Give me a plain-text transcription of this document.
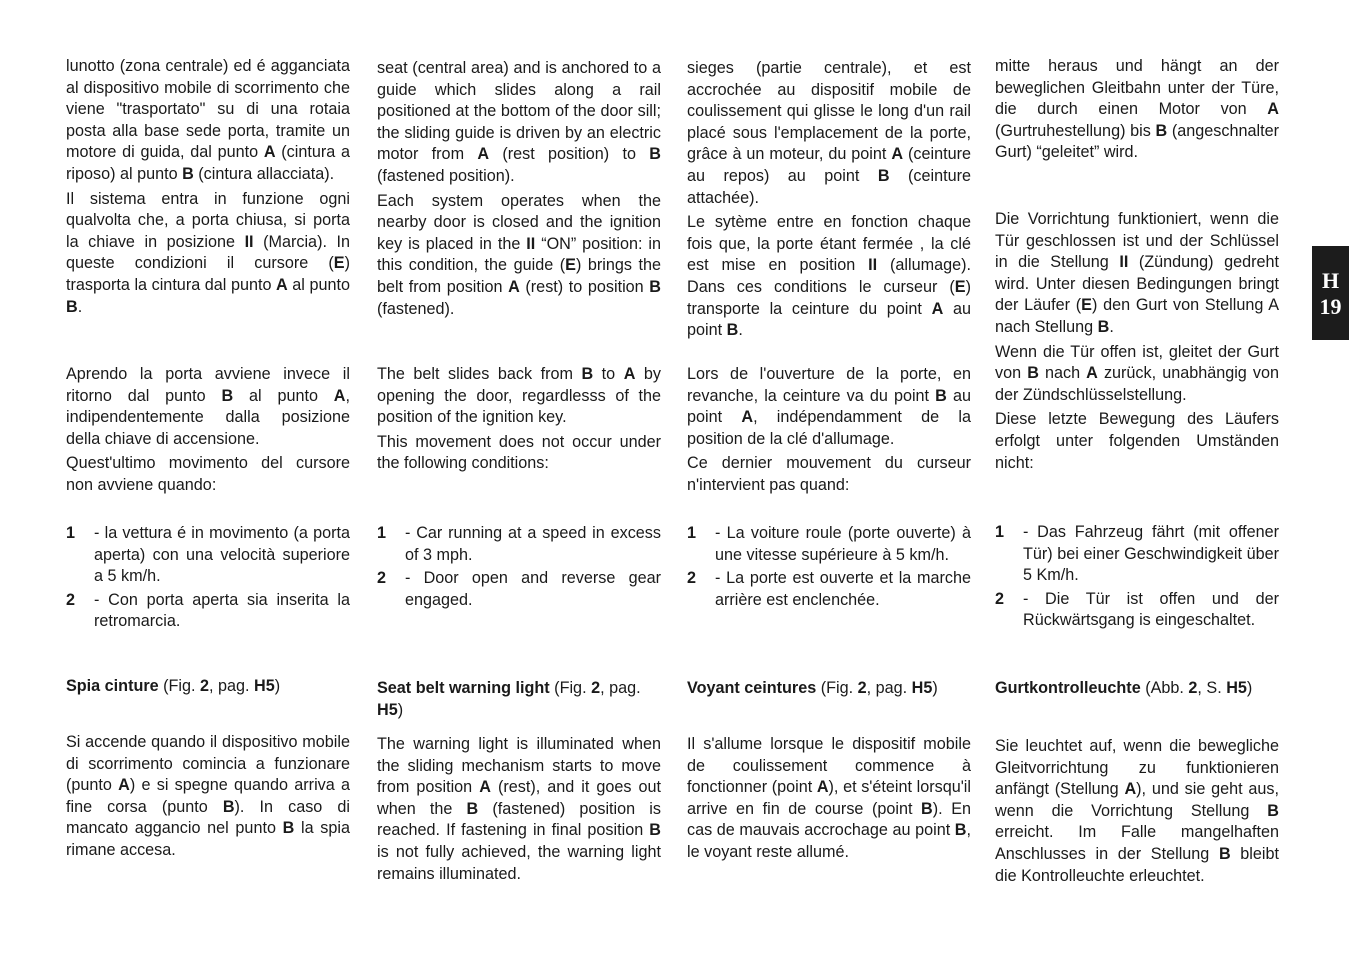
lunotto (zona centrale) ed é agganciata al dispositivo mobile di scorrimento che viene "trasportato" su di una rotaia posta alla base sede porta, tramite un motore di guida, dal punto A (cintura a riposo) al punto B (cintura allacciata).

Il sistema entra in funzione ogni qualvolta che, a porta chiusa, si porta la chiave in posizione II (Marcia). In queste condizioni il cursore (E) trasporta la cintura dal punto A al punto B.

Aprendo la porta avviene invece il ritorno dal punto B al punto A, indipendentemente dalla posizione della chiave di accensione.

Quest'ultimo movimento del cursore non avviene quando:

1 - la vettura é in movimento (a porta aperta) con una velocità superiore a 5 km/h.
2 - Con porta aperta sia inserita la retromarcia.

Spia cinture (Fig. 2, pag. H5)

Si accende quando il dispositivo mobile di scorrimento comincia a funzionare (punto A) e si spegne quando arriva a fine corsa (punto B). In caso di mancato aggancio nel punto B la spia rimane accesa.

seat (central area) and is anchored to a guide which slides along a rail positioned at the bottom of the door sill; the sliding guide is driven by an electric motor from A (rest position) to B (fastened position).

Each system operates when the nearby door is closed and the ignition key is placed in the II “ON” position: in this condition, the guide (E) brings the belt from position A (rest) to position B (fastened).

The belt slides back from B to A by opening the door, regardlesss of the position of the ignition key.

This movement does not occur under the following conditions:

1 - Car running at a speed in excess of 3 mph.
2 - Door open and reverse gear engaged.

Seat belt warning light (Fig. 2, pag. H5)

The warning light is illuminated when the sliding mechanism starts to move from position A (rest), and it goes out when the B (fastened) position is reached. If fastening in final position B is not fully achieved, the warning light remains illuminated.

sieges (partie centrale), et est accrochée au dispositif mobile de coulissement qui glisse le long d'un rail placé sous l'emplacement de la porte, grâce à un moteur, du point A (ceinture au repos) au point B (ceinture attachée).

Le sytème entre en fonction chaque fois que, la porte étant fermée , la clé est mise en position II (allumage). Dans ces conditions le curseur (E) transporte la ceinture du point A au point B.

Lors de l'ouverture de la porte, en revanche, la ceinture va du point B au point A, indépendamment de la position de la clé d'allumage.

Ce dernier mouvement du curseur n'intervient pas quand:

1 - La voiture roule (porte ouverte) à une vitesse supérieure à 5 km/h.
2 - La porte est ouverte et la marche arrière est enclenchée.

Voyant ceintures (Fig. 2, pag. H5)

Il s'allume lorsque le dispositif mobile de coulissement commence à fonctionner (point A), et s'éteint lorsqu'il arrive en fin de course (point B). En cas de mauvais accrochage au point B, le voyant reste allumé.

mitte heraus und hängt an der beweglichen Gleitbahn unter der Türe, die durch einen Motor von A (Gurtruhestellung) bis B (angeschnalter Gurt) “geleitet” wird.

Die Vorrichtung funktioniert, wenn die Tür geschlossen ist und der Schlüssel in die Stellung II (Zündung) gedreht wird. Unter diesen Bedingungen bringt der Läufer (E) den Gurt von Stellung A nach Stellung B.

Wenn die Tür offen ist, gleitet der Gurt von B nach A zurück, unabhängig von der Zündschlüsselstellung.

Diese letzte Bewegung des Läufers erfolgt unter folgenden Umständen nicht:

1 - Das Fahrzeug fährt (mit offener Tür) bei einer Geschwindigkeit über 5 Km/h.
2 - Die Tür ist offen und der Rückwärtsgang is eingeschaltet.

Gurtkontrolleuchte (Abb. 2, S. H5)

Sie leuchtet auf, wenn die bewegliche Gleitvorrichtung zu funktionieren anfängt (Stellung A), und sie geht aus, wenn die Vorrichtung Stellung B erreicht. Im Falle mangelhaften Anschlusses in der Stellung B bleibt die Kontrolleuchte erleuchtet.

H
19
